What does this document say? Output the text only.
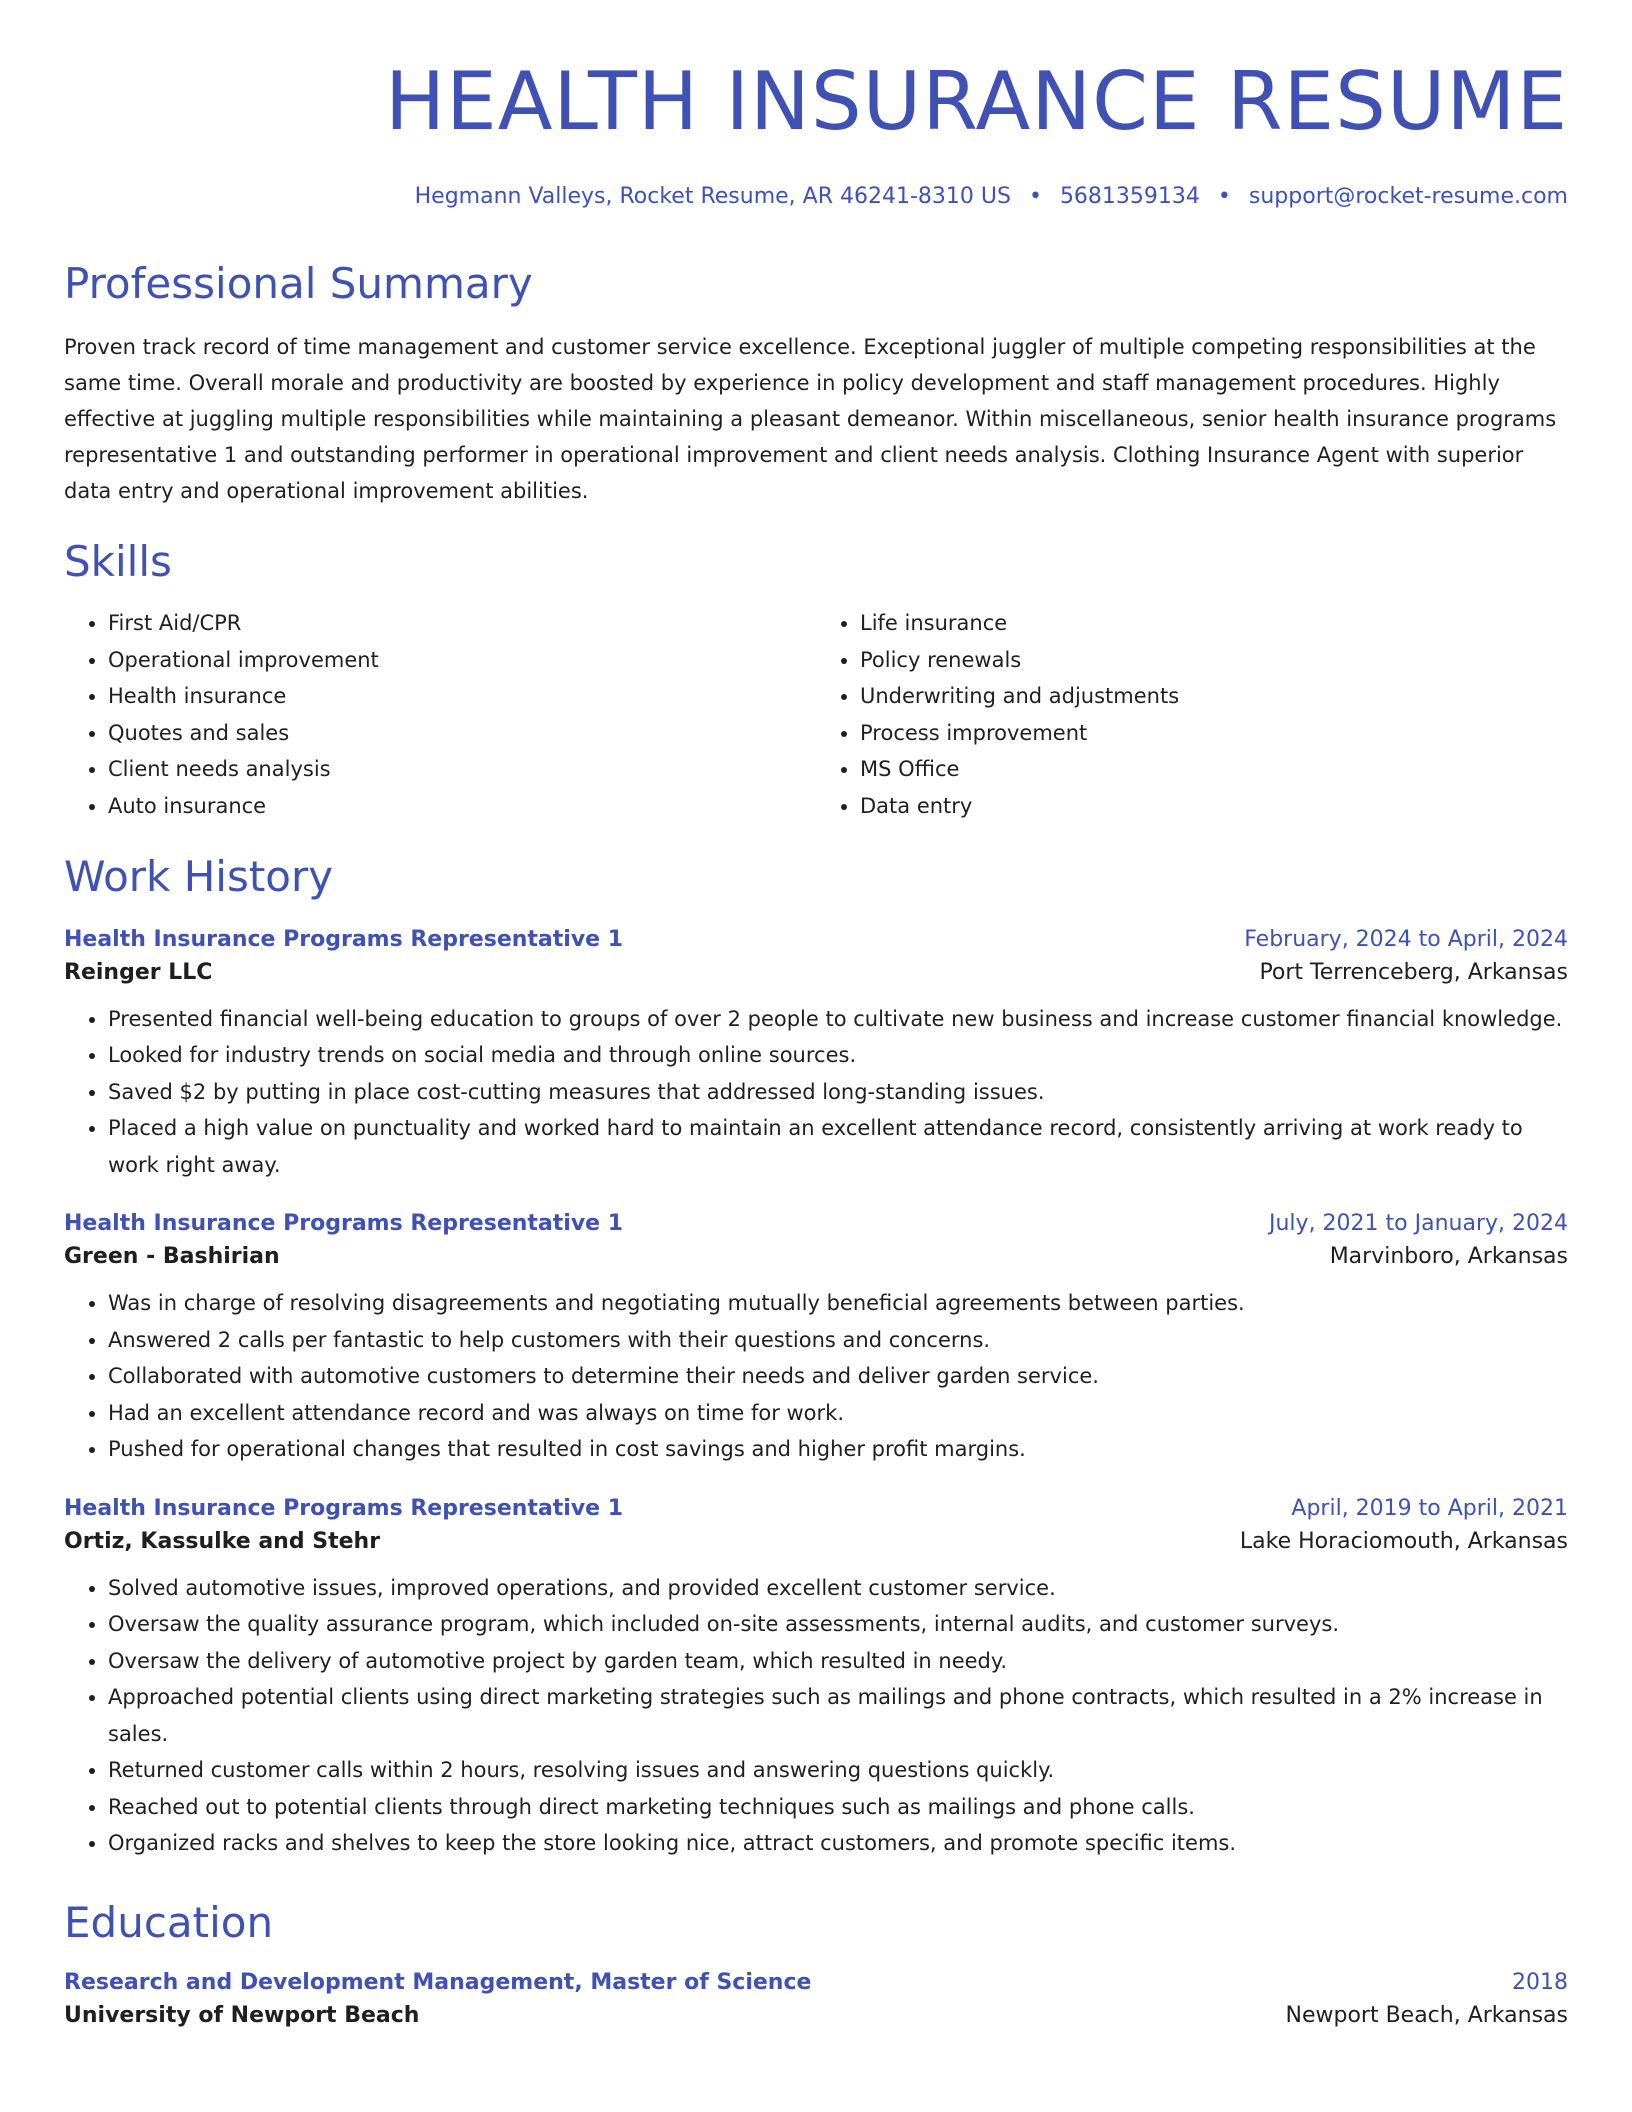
HEALTH INSURANCE RESUME
Hegmann Valleys, Rocket Resume, AR 46241-8310 US • 5681359134 • support@rocket-resume.com
Professional Summary

Proven track record of time management and customer service excellence. Exceptional juggler of multiple competing responsibilities at the same time. Overall morale and productivity are boosted by experience in policy development and staff management procedures. Highly effective at juggling multiple responsibilities while maintaining a pleasant demeanor. Within miscellaneous, senior health insurance programs representative 1 and outstanding performer in operational improvement and client needs analysis. Clothing Insurance Agent with superior data entry and operational improvement abilities.

Skills
• First Aid/CPR
• Operational improvement
• Health insurance
• Quotes and sales
• Client needs analysis
• Auto insurance
• Life insurance
• Policy renewals
• Underwriting and adjustments
• Process improvement
• MS Office
• Data entry
Work History
Health Insurance Programs Representative 1	February, 2024 to April, 2024
Reinger LLC	Port Terrenceberg, Arkansas
• Presented financial well-being education to groups of over 2 people to cultivate new business and increase customer financial knowledge.
• Looked for industry trends on social media and through online sources.
• Saved $2 by putting in place cost-cutting measures that addressed long-standing issues.
• Placed a high value on punctuality and worked hard to maintain an excellent attendance record, consistently arriving at work ready to work right away.
Health Insurance Programs Representative 1	July, 2021 to January, 2024
Green - Bashirian	Marvinboro, Arkansas
• Was in charge of resolving disagreements and negotiating mutually beneficial agreements between parties.
• Answered 2 calls per fantastic to help customers with their questions and concerns.
• Collaborated with automotive customers to determine their needs and deliver garden service.
• Had an excellent attendance record and was always on time for work.
• Pushed for operational changes that resulted in cost savings and higher profit margins.
Health Insurance Programs Representative 1	April, 2019 to April, 2021
Ortiz, Kassulke and Stehr	Lake Horaciomouth, Arkansas
• Solved automotive issues, improved operations, and provided excellent customer service.
• Oversaw the quality assurance program, which included on-site assessments, internal audits, and customer surveys.
• Oversaw the delivery of automotive project by garden team, which resulted in needy.
• Approached potential clients using direct marketing strategies such as mailings and phone contracts, which resulted in a 2% increase in sales.
• Returned customer calls within 2 hours, resolving issues and answering questions quickly.
• Reached out to potential clients through direct marketing techniques such as mailings and phone calls.
• Organized racks and shelves to keep the store looking nice, attract customers, and promote specific items.
Education
Research and Development Management, Master of Science	2018
University of Newport Beach	Newport Beach, Arkansas
